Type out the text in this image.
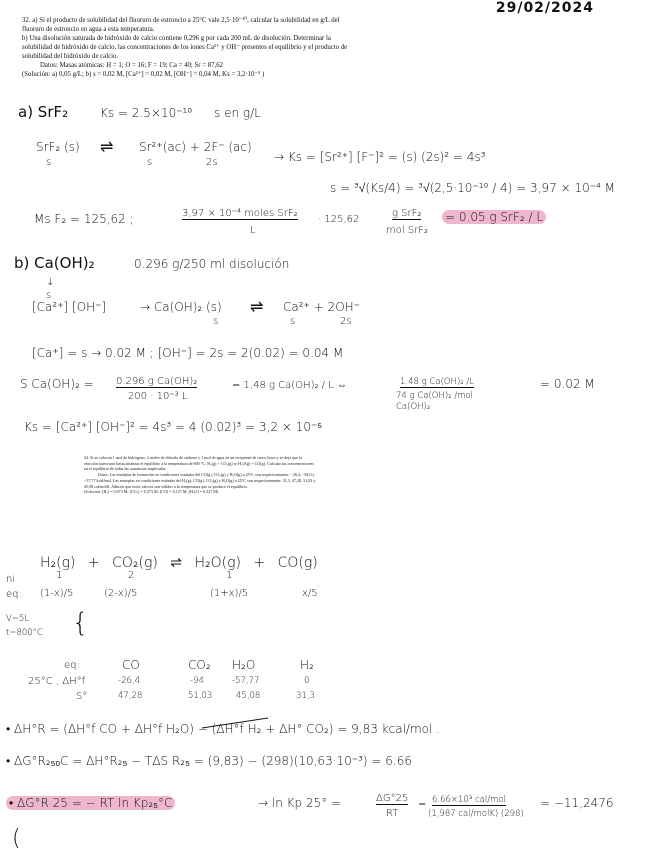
29/02/2024

32. a) Si el producto de solubilidad del fluoruro de estroncio a 25°C vale 2,5·10⁻¹⁰, calcular la solubilidad en g/L del fluoruro de estroncio en agua a esta temperatura.

b) Una disolución saturada de hidróxido de calcio contiene 0,296 g por cada 200 mL de disolución. Determinar la solubilidad de hidróxido de calcio, las concentraciones de los iones Ca²⁺ y OH⁻ presentes el equilibrio y el producto de solubilidad del hidróxido de calcio.

Datos: Masas atómicas: H = 1; O = 16; F = 19; Ca = 40; Sr = 87,62

(Solución: a) 0,05 g/L; b) s = 0,02 M, [Ca²⁺] = 0,02 M, [OH⁻] = 0,04 M, Ks = 3,2·10⁻⁵ )

a) SrF₂	Ks = 2.5×10⁻¹⁰ s en g/L
SrF₂ (s) ⇌ Sr²⁺(ac) + 2F⁻ (ac)
s	s	2s	→ Ks = [Sr²⁺] [F⁻]² = (s) (2s)² = 4s³
s = ³√(Ks/4) = ³√(2,5·10⁻¹⁰ / 4) = 3,97 × 10⁻⁴ M
Ms F₂ = 125,62 ;	3,97 × 10⁻⁴ moles SrF₂
L
· 125,62
g SrF₂
mol SrF₂
= 0.05 g SrF₂ / L
b) Ca(OH)₂	0.296 g/250 ml disolución
↓ s
[Ca²⁺] [OH⁻]	→ Ca(OH)₂ (s) ⇌ Ca²⁺ + 2OH⁻
s	s	2s
[Ca⁺] = s → 0.02 M ; [OH⁻] = 2s = 2(0.02) = 0.04 M
S Ca(OH)₂ = 0.296 g Ca(OH)₂
200 · 10⁻³ L
= 1,48 g Ca(OH)₂ / L ⇔	1.48 g Ca(OH)₂ /L
74 g Ca(OH)₂ /mol Ca(OH)₂
= 0.02 M
Ks = [Ca²⁺] [OH⁻]² = 4s³ = 4 (0.02)³ = 3,2 × 10⁻⁵

34. Si se colocan 1 mol de hidrógeno, 2 moles de dióxido de carbono y 1 mol de agua en un recipiente de cinco litros y se deja que la reacción transcurra hasta alcanzar el equilibrio a la temperatura de 800 °C: H₂(g) + CO₂(g) ⇌ H₂O(g) + CO(g). Calcular las concentraciones en el equilibrio de todas las sustancias implicadas.

Datos: Las entalpías de formación en condiciones estándar del CO(g), CO₂(g) y H₂O(g) a 25°C son respectivamente: −26,4, −94,0 y −57,77 kcal/mol. Las entropías en condiciones estándar del H₂(g), CO(g), CO₂(g) y H₂O(g) a 25°C son respectivamente: 31,3, 47,28, 51,03 y 45,08 cal/molK. Admitir que estos valores son válidos a la temperatura que se produce el equilibrio.

(Solución: [H₂] = 0,073 M; [CO₂] = 0,273 M; [CO] = 0,127 M; [H₂O] = 0,327 M)

H₂(g) + CO₂(g) ⇌ H₂O(g) + CO(g)
ni	1	2	1
eq: (1-x)/5	(2-x)/5	(1+x)/5	x/5
V=5L
t=800°C {
eq:	CO	CO₂ H₂O	H₂
25°C , ΔH°f	-26,4	-94	-57,77	0
S°	47,28	51,03	45,08	31,3
• ΔH°R = (ΔH°f CO + ΔH°f H₂O) − (ΔH°f H₂ + ΔH° CO₂) = 9,83 kcal/mol .
• ΔG°R₂₅ₒC = ΔH°R₂₅ − TΔS R₂₅ = (9,83) − (298)(10,63·10⁻³) = 6.66
• ΔG°R 25 = − RT ln Kp₂₅°C	→ ln Kp 25° =	ΔG°25
RT
= 6.66×10³ cal/mol
(1,987 cal/molK) (298)
= −11,2476
(
